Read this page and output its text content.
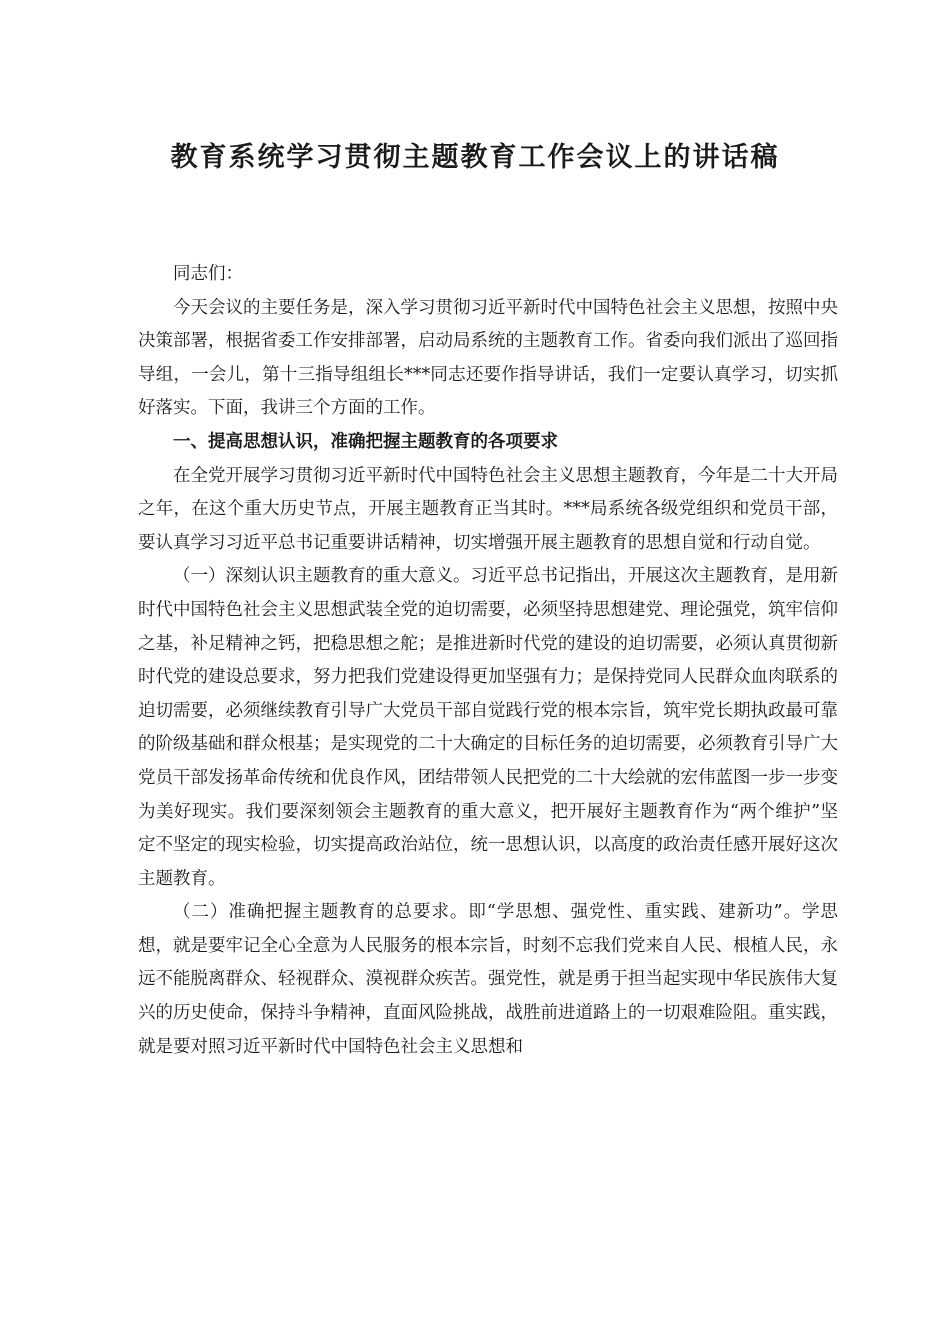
教育系统学习贯彻主题教育工作会议上的讲话稿

同志们：

今天会议的主要任务是，深入学习贯彻习近平新时代中国特色社会主义思想，按照中央决策部署，根据省委工作安排部署，启动局系统的主题教育工作。省委向我们派出了巡回指导组，一会儿，第十三指导组组长***同志还要作指导讲话，我们一定要认真学习，切实抓好落实。下面，我讲三个方面的工作。

一、提高思想认识，准确把握主题教育的各项要求

在全党开展学习贯彻习近平新时代中国特色社会主义思想主题教育，今年是二十大开局之年，在这个重大历史节点，开展主题教育正当其时。***局系统各级党组织和党员干部，要认真学习习近平总书记重要讲话精神，切实增强开展主题教育的思想自觉和行动自觉。

（一）深刻认识主题教育的重大意义。习近平总书记指出，开展这次主题教育，是用新时代中国特色社会主义思想武装全党的迫切需要，必须坚持思想建党、理论强党，筑牢信仰之基，补足精神之钙，把稳思想之舵；是推进新时代党的建设的迫切需要，必须认真贯彻新时代党的建设总要求，努力把我们党建设得更加坚强有力；是保持党同人民群众血肉联系的迫切需要，必须继续教育引导广大党员干部自觉践行党的根本宗旨，筑牢党长期执政最可靠的阶级基础和群众根基；是实现党的二十大确定的目标任务的迫切需要，必须教育引导广大党员干部发扬革命传统和优良作风，团结带领人民把党的二十大绘就的宏伟蓝图一步一步变为美好现实。我们要深刻领会主题教育的重大意义，把开展好主题教育作为“两个维护”坚定不坚定的现实检验，切实提高政治站位，统一思想认识，以高度的政治责任感开展好这次主题教育。

（二）准确把握主题教育的总要求。即“学思想、强党性、重实践、建新功”。学思想，就是要牢记全心全意为人民服务的根本宗旨，时刻不忘我们党来自人民、根植人民，永远不能脱离群众、轻视群众、漠视群众疾苦。强党性，就是勇于担当起实现中华民族伟大复兴的历史使命，保持斗争精神，直面风险挑战，战胜前进道路上的一切艰难险阻。重实践，就是要对照习近平新时代中国特色社会主义思想和
